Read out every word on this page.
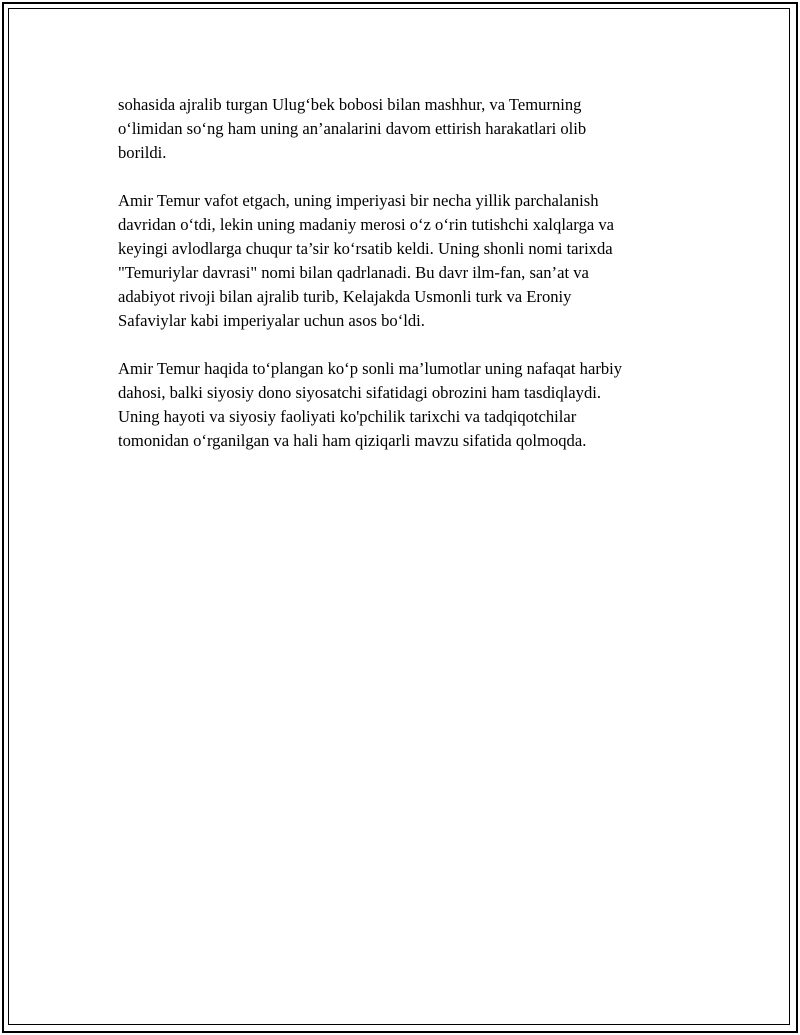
sohasida ajralib turgan Ulug‘bek bobosi bilan mashhur, va Temurning
o‘limidan so‘ng ham uning an’analarini davom ettirish harakatlari olib
borildi.

Amir Temur vafot etgach, uning imperiyasi bir necha yillik parchalanish
davridan o‘tdi, lekin uning madaniy merosi o‘z o‘rin tutishchi xalqlarga va
keyingi avlodlarga chuqur ta’sir ko‘rsatib keldi. Uning shonli nomi tarixda
"Temuriylar davrasi" nomi bilan qadrlanadi. Bu davr ilm-fan, san’at va
adabiyot rivoji bilan ajralib turib, Kelajakda Usmonli turk va Eroniy
Safaviylar kabi imperiyalar uchun asos bo‘ldi.

Amir Temur haqida to‘plangan ko‘p sonli ma’lumotlar uning nafaqat harbiy
dahosi, balki siyosiy dono siyosatchi sifatidagi obrozini ham tasdiqlaydi.
Uning hayoti va siyosiy faoliyati ko'pchilik tarixchi va tadqiqotchilar
tomonidan o‘rganilgan va hali ham qiziqarli mavzu sifatida qolmoqda.
